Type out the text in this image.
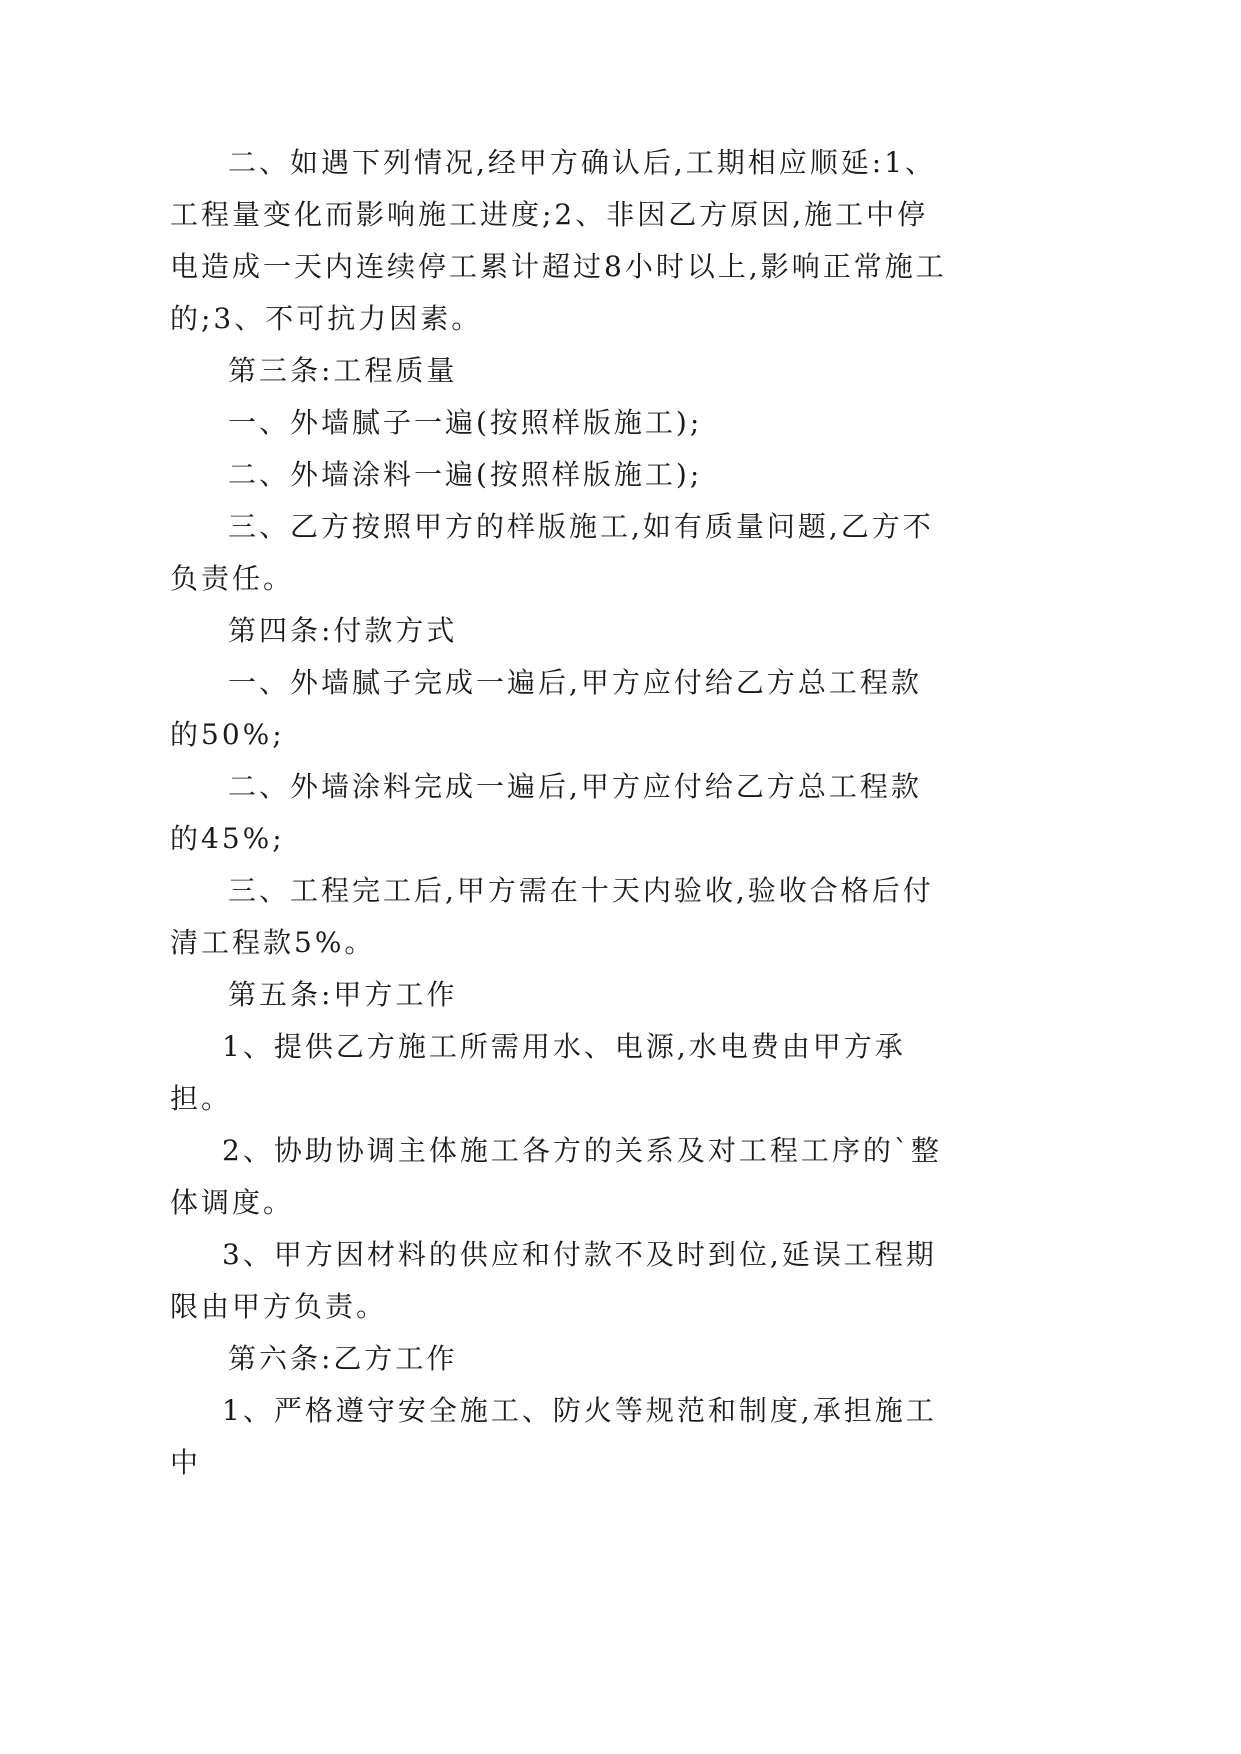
二、如遇下列情况,经甲方确认后,工期相应顺延:1、工程量变化而影响施工进度;2、非因乙方原因,施工中停电造成一天内连续停工累计超过8小时以上,影响正常施工的;3、不可抗力因素。

第三条:工程质量

一、外墙腻子一遍(按照样版施工);

二、外墙涂料一遍(按照样版施工);

三、乙方按照甲方的样版施工,如有质量问题,乙方不负责任。

第四条:付款方式

一、外墙腻子完成一遍后,甲方应付给乙方总工程款的50%;

二、外墙涂料完成一遍后,甲方应付给乙方总工程款的45%;

三、工程完工后,甲方需在十天内验收,验收合格后付清工程款5%。

第五条:甲方工作

1、提供乙方施工所需用水、电源,水电费由甲方承担。

2、协助协调主体施工各方的关系及对工程工序的`整体调度。

3、甲方因材料的供应和付款不及时到位,延误工程期限由甲方负责。

第六条:乙方工作

1、严格遵守安全施工、防火等规范和制度,承担施工中
